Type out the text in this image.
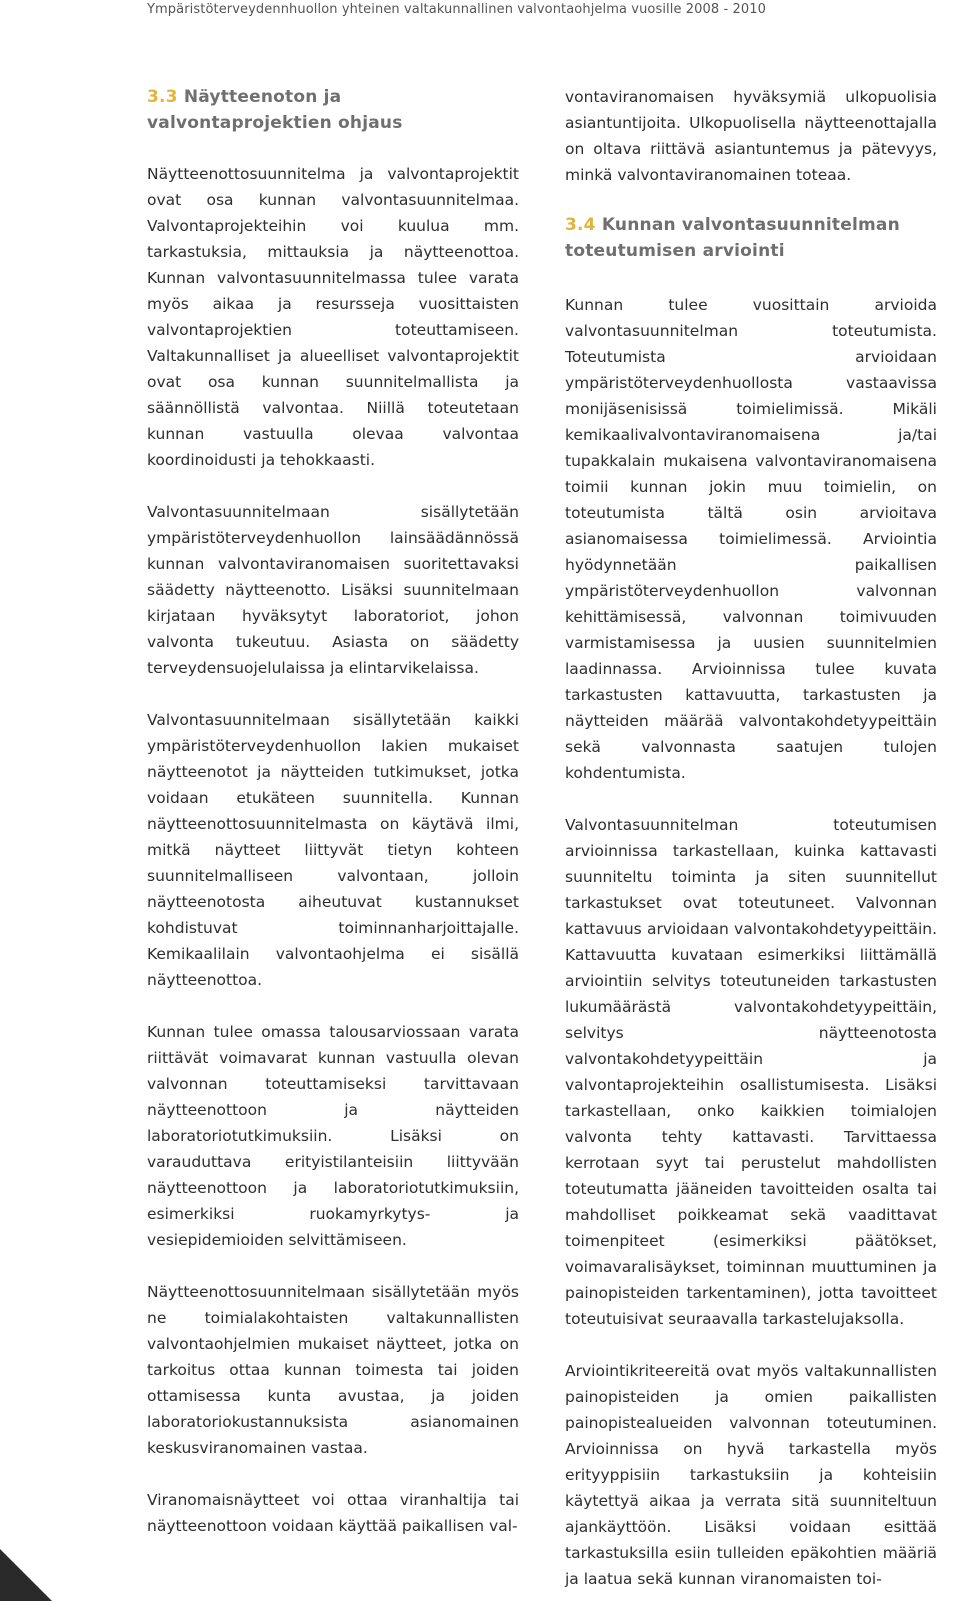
Ympäristöterveydennhuollon yhteinen valtakunnallinen valvontaohjelma vuosille 2008 - 2010
3.3 Näytteenoton ja valvontaprojektien ohjaus

Näytteenottosuunnitelma ja valvontaprojektit ovat osa kunnan valvontasuunnitelmaa. Valvontaprojekteihin voi kuulua mm. tarkastuksia, mittauksia ja näytteenottoa. Kunnan valvontasuunnitelmassa tulee varata myös aikaa ja resursseja vuosittaisten valvontaprojektien toteuttamiseen. Valtakunnalliset ja alueelliset valvontaprojektit ovat osa kunnan suunnitelmallista ja säännöllistä valvontaa. Niillä toteutetaan kunnan vastuulla olevaa valvontaa koordinoidusti ja tehokkaasti.

Valvontasuunnitelmaan sisällytetään ympäristöterveydenhuollon lainsäädännössä kunnan valvontaviranomaisen suoritettavaksi säädetty näytteenotto. Lisäksi suunnitelmaan kirjataan hyväksytyt laboratoriot, johon valvonta tukeutuu. Asiasta on säädetty terveydensuojelulaissa ja elintarvikelaissa.

Valvontasuunnitelmaan sisällytetään kaikki ympäristöterveydenhuollon lakien mukaiset näytteenotot ja näytteiden tutkimukset, jotka voidaan etukäteen suunnitella. Kunnan näytteenottosuunnitelmasta on käytävä ilmi, mitkä näytteet liittyvät tietyn kohteen suunnitelmalliseen valvontaan, jolloin näytteenotosta aiheutuvat kustannukset kohdistuvat toiminnanharjoittajalle. Kemikaalilain valvontaohjelma ei sisällä näytteenottoa.

Kunnan tulee omassa talousarviossaan varata riittävät voimavarat kunnan vastuulla olevan valvonnan toteuttamiseksi tarvittavaan näytteenottoon ja näytteiden laboratoriotutkimuksiin. Lisäksi on varauduttava erityistilanteisiin liittyvään näytteenottoon ja laboratoriotutkimuksiin, esimerkiksi ruokamyrkytys- ja vesiepidemioiden selvittämiseen.

Näytteenottosuunnitelmaan sisällytetään myös ne toimialakohtaisten valtakunnallisten valvontaohjelmien mukaiset näytteet, jotka on tarkoitus ottaa kunnan toimesta tai joiden ottamisessa kunta avustaa, ja joiden laboratoriokustannuksista asianomainen keskusviranomainen vastaa.

Viranomaisnäytteet voi ottaa viranhaltija tai näytteenottoon voidaan käyttää paikallisen val-

vontaviranomaisen hyväksymiä ulkopuolisia asiantuntijoita. Ulkopuolisella näytteenottajalla on oltava riittävä asiantuntemus ja pätevyys, minkä valvontaviranomainen toteaa.

3.4 Kunnan valvontasuunnitelman toteutumisen arviointi

Kunnan tulee vuosittain arvioida valvontasuunnitelman toteutumista. Toteutumista arvioidaan ympäristöterveydenhuollosta vastaavissa monijäsenisissä toimielimissä. Mikäli kemikaalivalvontaviranomaisena ja/tai tupakkalain mukaisena valvontaviranomaisena toimii kunnan jokin muu toimielin, on toteutumista tältä osin arvioitava asianomaisessa toimielimessä. Arviointia hyödynnetään paikallisen ympäristöterveydenhuollon valvonnan kehittämisessä, valvonnan toimivuuden varmistamisessa ja uusien suunnitelmien laadinnassa. Arvioinnissa tulee kuvata tarkastusten kattavuutta, tarkastusten ja näytteiden määrää valvontakohdetyypeittäin sekä valvonnasta saatujen tulojen kohdentumista.

Valvontasuunnitelman toteutumisen arvioinnissa tarkastellaan, kuinka kattavasti suunniteltu toiminta ja siten suunnitellut tarkastukset ovat toteutuneet. Valvonnan kattavuus arvioidaan valvontakohdetyypeittäin. Kattavuutta kuvataan esimerkiksi liittämällä arviointiin selvitys toteutuneiden tarkastusten lukumäärästä valvontakohdetyypeittäin, selvitys näytteenotosta valvontakohdetyypeittäin ja valvontaprojekteihin osallistumisesta. Lisäksi tarkastellaan, onko kaikkien toimialojen valvonta tehty kattavasti. Tarvittaessa kerrotaan syyt tai perustelut mahdollisten toteutumatta jääneiden tavoitteiden osalta tai mahdolliset poikkeamat sekä vaadittavat toimenpiteet (esimerkiksi päätökset, voimavaralisäykset, toiminnan muuttuminen ja painopisteiden tarkentaminen), jotta tavoitteet toteutuisivat seuraavalla tarkastelujaksolla.

Arviointikriteereitä ovat myös valtakunnallisten painopisteiden ja omien paikallisten painopistealueiden valvonnan toteutuminen. Arvioinnissa on hyvä tarkastella myös erityyppisiin tarkastuksiin ja kohteisiin käytettyä aikaa ja verrata sitä suunniteltuun ajankäyttöön. Lisäksi voidaan esittää tarkastuksilla esiin tulleiden epäkohtien määriä ja laatua sekä kunnan viranomaisten toi-

18
